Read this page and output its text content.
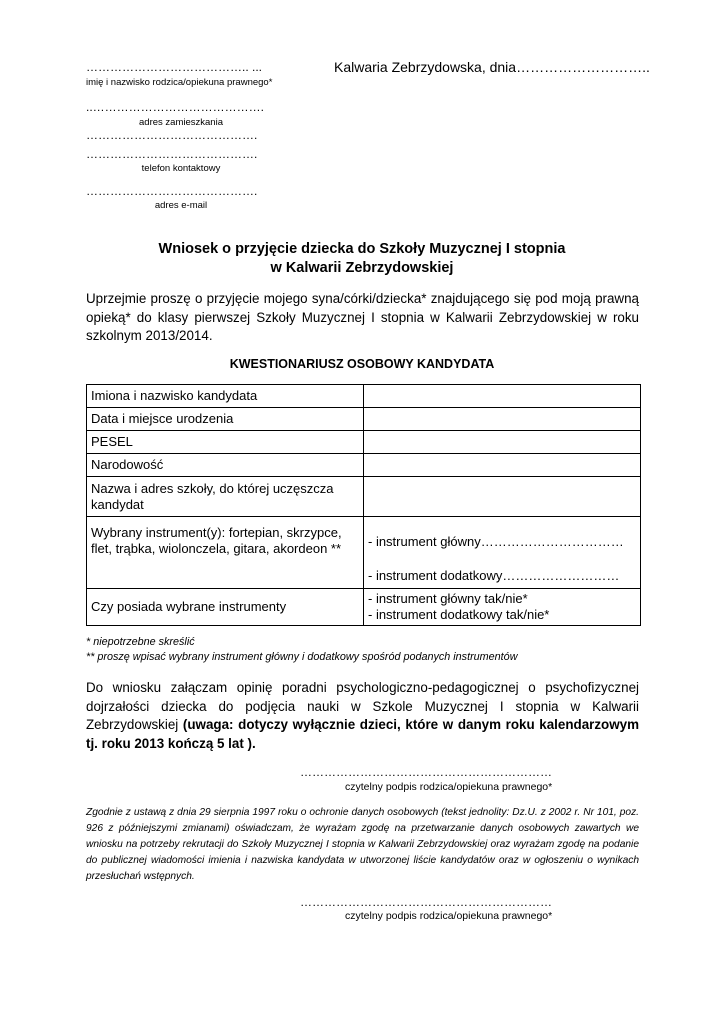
………………………………….. ...
imię i nazwisko rodzica/opiekuna prawnego*
Kalwaria Zebrzydowska, dnia………………………..
..…………………………………….
adres zamieszkania
…………………………………….
…………………………………….
telefon kontaktowy
…………………………………….
adres e-mail
Wniosek o przyjęcie dziecka do Szkoły Muzycznej I stopnia
w Kalwarii Zebrzydowskiej
Uprzejmie proszę o przyjęcie mojego syna/córki/dziecka* znajdującego się pod moją prawną opieką* do klasy pierwszej Szkoły Muzycznej I stopnia w Kalwarii Zebrzydowskiej w roku szkolnym 2013/2014.
KWESTIONARIUSZ OSOBOWY KANDYDATA
Imiona i nazwisko kandydata	
Data i miejsce urodzenia	
PESEL	
Narodowość	
Nazwa i adres szkoły, do której uczęszcza kandydat	
Wybrany instrument(y): fortepian, skrzypce, flet, trąbka, wiolonczela, gitara, akordeon **	- instrument główny……………………………
- instrument dodatkowy………………………

Czy posiada wybrane instrumenty	- instrument główny tak/nie*
- instrument dodatkowy tak/nie*
* niepotrzebne skreślić
** proszę wpisać wybrany instrument główny i dodatkowy spośród podanych instrumentów
Do wniosku załączam opinię poradni psychologiczno-pedagogicznej o psychofizycznej dojrzałości dziecka do podjęcia nauki w Szkole Muzycznej I stopnia w Kalwarii Zebrzydowskiej (uwaga: dotyczy wyłącznie dzieci, które w danym roku kalendarzowym tj. roku 2013 kończą 5 lat ).
………………………………………………………
czytelny podpis rodzica/opiekuna prawnego*
Zgodnie z ustawą z dnia 29 sierpnia 1997 roku o ochronie danych osobowych (tekst jednolity: Dz.U. z 2002 r. Nr 101, poz. 926 z późniejszymi zmianami) oświadczam, że wyrażam zgodę na przetwarzanie danych osobowych zawartych we wniosku na potrzeby rekrutacji do Szkoły Muzycznej I stopnia w Kalwarii Zebrzydowskiej oraz wyrażam zgodę na podanie do publicznej wiadomości imienia i nazwiska kandydata w utworzonej liście kandydatów oraz w ogłoszeniu o wynikach przesłuchań wstępnych.
………………………………………………………
czytelny podpis rodzica/opiekuna prawnego*
